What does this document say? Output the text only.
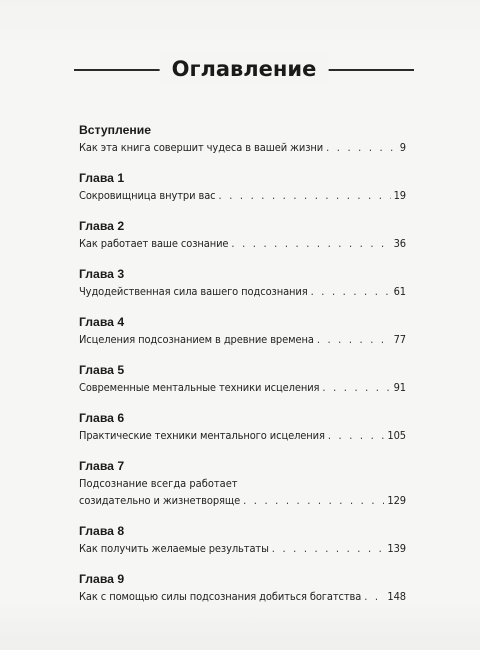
Оглавление
Вступление
Как эта книга совершит чудеса в вашей жизни . . .	9
Глава 1
Сокровищница внутри вас . . .	19
Глава 2
Как работает ваше сознание . . .	36
Глава 3
Чудодейственная сила вашего подсознания . . .	61
Глава 4
Исцеления подсознанием в древние времена . . .	77
Глава 5
Современные ментальные техники исцеления . . .	91
Глава 6
Практические техники ментального исцеления . . .	105
Глава 7
Подсознание всегда работает
созидательно и жизнетворяще . . .	129
Глава 8
Как получить желаемые результаты . . .	139
Глава 9
Как с помощью силы подсознания добиться богатства . . . 148
